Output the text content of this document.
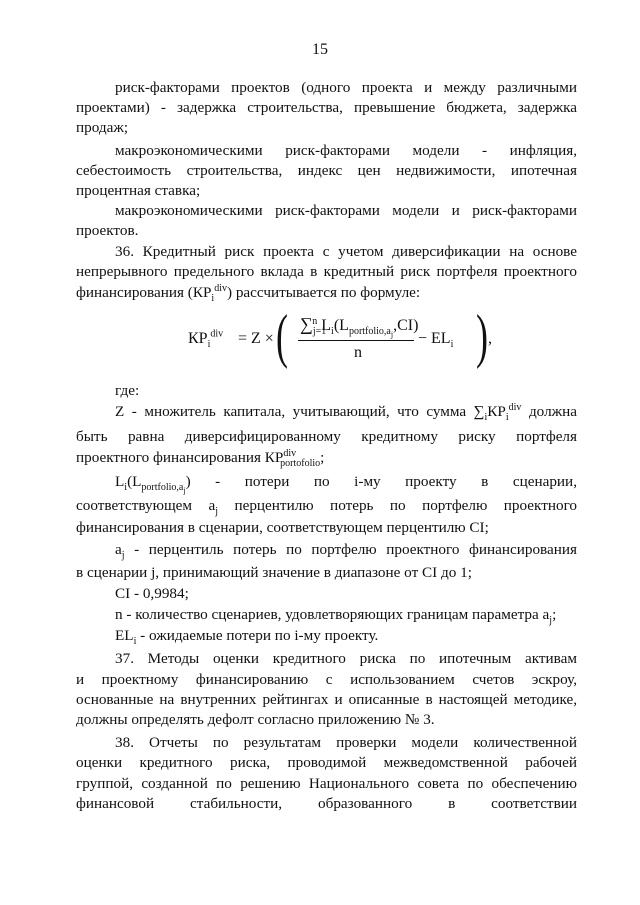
15
риск-факторами проектов (одного проекта и между различными
проектами) - задержка строительства, превышение бюджета, задержка
продаж;
макроэкономическими риск-факторами модели - инфляция,
себестоимость строительства, индекс цен недвижимости, ипотечная
процентная ставка;
макроэкономическими риск-факторами модели и риск-факторами
проектов.
36. Кредитный риск проекта с учетом диверсификации на основе
непрерывного предельного вклада в кредитный риск портфеля проектного
финансирования $(КР_i^{div})$ рассчитывается по формуле:
$КР_i^{div} = Z$ × ( $\sum_{j=1}^n$ $L_i(L_{portfolio,a_j},CI)$
n
− $EL_i$ ) ,
где:
Z - множитель капитала, учитывающий, что сумма $\sum_iКР_i^{div}$ должна
быть равна диверсифицированному кредитному риску портфеля
проектного финансирования $КР^{div}_{portofolio}$;
$L_i(L_{portfolio,a_j})$ - потери по i-му проекту в сценарии,
соответствующем $a_j$ перцентилю потерь по портфелю проектного
финансирования в сценарии, соответствующем перцентилю CI;
$a_j$ - перцентиль потерь по портфелю проектного финансирования
в сценарии j, принимающий значение в диапазоне от CI до 1;
CI - 0,9984;
n - количество сценариев, удовлетворяющих границам параметра $a_j$;
$EL_i$ - ожидаемые потери по i-му проекту.
37. Методы оценки кредитного риска по ипотечным активам
и проектному финансированию с использованием счетов эскроу,
основанные на внутренних рейтингах и описанные в настоящей методике,
должны определять дефолт согласно приложению № 3.
38. Отчеты по результатам проверки модели количественной
оценки кредитного риска, проводимой межведомственной рабочей
группой, созданной по решению Национального совета по обеспечению
финансовой стабильности, образованного в соответствии
